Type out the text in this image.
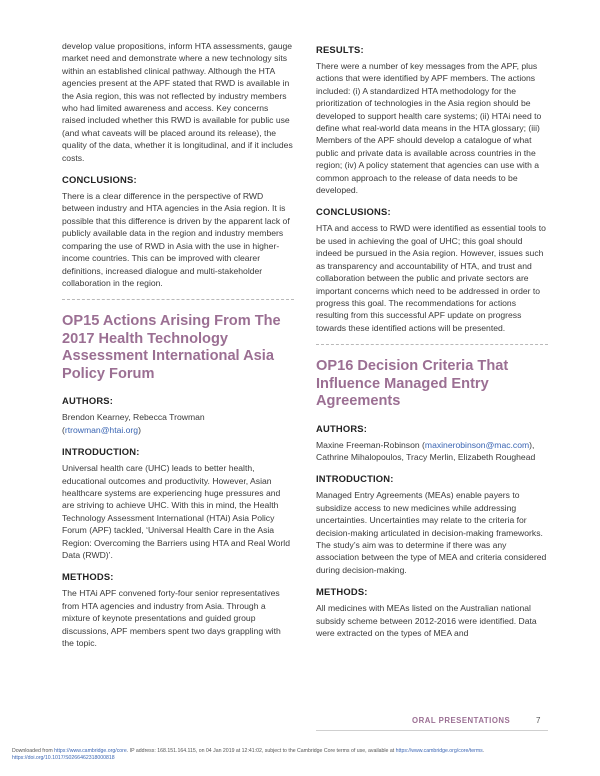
develop value propositions, inform HTA assessments, gauge market need and demonstrate where a new technology sits within an established clinical pathway. Although the HTA agencies present at the APF stated that RWD is available in the Asia region, this was not reflected by industry members who had limited awareness and access. Key concerns raised included whether this RWD is available for public use (and what caveats will be placed around its release), the quality of the data, whether it is longitudinal, and if it includes costs.

CONCLUSIONS:

There is a clear difference in the perspective of RWD between industry and HTA agencies in the Asia region. It is possible that this difference is driven by the apparent lack of publicly available data in the region and industry members comparing the use of RWD in Asia with the use in higher-income countries. This can be improved with clearer definitions, increased dialogue and multi-stakeholder collaboration in the region.

OP15 Actions Arising From The 2017 Health Technology Assessment International Asia Policy Forum
AUTHORS:

Brendon Kearney, Rebecca Trowman
(rtrowman@htai.org)

INTRODUCTION:

Universal health care (UHC) leads to better health, educational outcomes and productivity. However, Asian healthcare systems are experiencing huge pressures and are striving to achieve UHC. With this in mind, the Health Technology Assessment International (HTAi) Asia Policy Forum (APF) tackled, ‘Universal Health Care in the Asia Region: Overcoming the Barriers using HTA and Real World Data (RWD)’.

METHODS:

The HTAi APF convened forty-four senior representatives from HTA agencies and industry from Asia. Through a mixture of keynote presentations and guided group discussions, APF members spent two days grappling with the topic.

RESULTS:

There were a number of key messages from the APF, plus actions that were identified by APF members. The actions included: (i) A standardized HTA methodology for the prioritization of technologies in the Asia region should be developed to support health care systems; (ii) HTAi need to define what real-world data means in the HTA glossary; (iii) Members of the APF should develop a catalogue of what public and private data is available across countries in the region; (iv) A policy statement that agencies can use with a common approach to the release of data needs to be developed.

CONCLUSIONS:

HTA and access to RWD were identified as essential tools to be used in achieving the goal of UHC; this goal should indeed be pursued in the Asia region. However, issues such as transparency and accountability of HTA, and trust and collaboration between the public and private sectors are important concerns which need to be addressed in order to progress this goal. The recommendations for actions resulting from this successful APF update on progress towards these identified actions will be presented.

OP16 Decision Criteria That Influence Managed Entry Agreements
AUTHORS:

Maxine Freeman-Robinson (maxinerobinson@mac.com), Cathrine Mihalopoulos, Tracy Merlin, Elizabeth Roughead

INTRODUCTION:

Managed Entry Agreements (MEAs) enable payers to subsidize access to new medicines while addressing uncertainties. Uncertainties may relate to the criteria for decision-making articulated in decision-making frameworks. The study’s aim was to determine if there was any association between the type of MEA and criteria considered during decision-making.

METHODS:

All medicines with MEAs listed on the Australian national subsidy scheme between 2012-2016 were identified. Data were extracted on the types of MEA and

ORAL PRESENTATIONS	7
Downloaded from https://www.cambridge.org/core. IP address: 168.151.164.115, on 04 Jan 2019 at 12:41:02, subject to the Cambridge Core terms of use, available at https://www.cambridge.org/core/terms.
https://doi.org/10.1017/S0266462318000818
